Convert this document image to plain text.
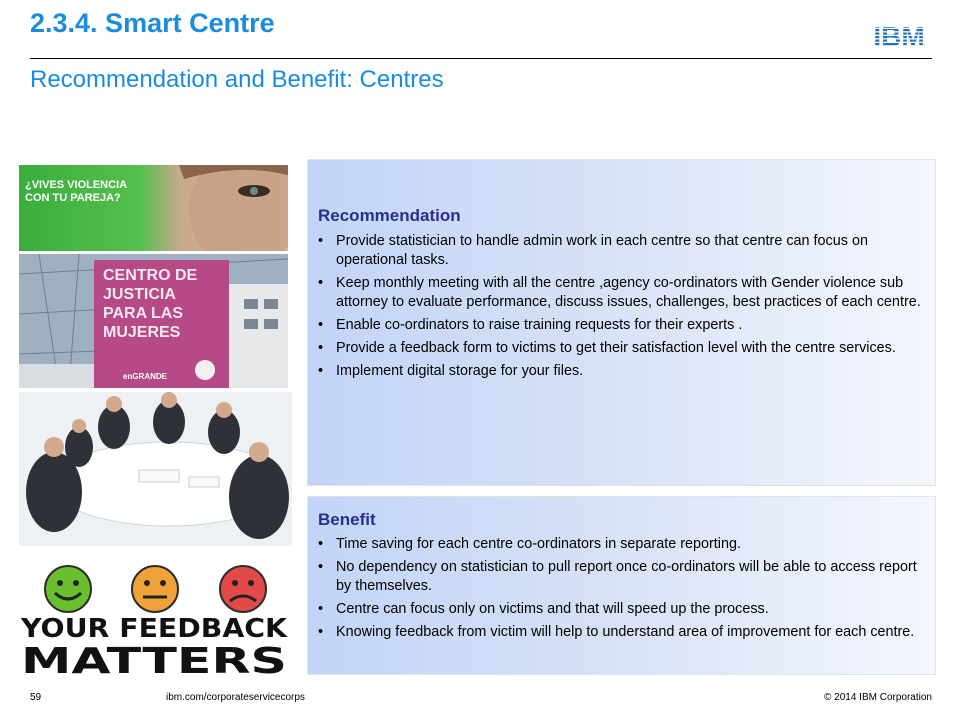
2.3.4. Smart Centre	IBM
Recommendation and Benefit: Centres
¿VIVES VIOLENCIA
CON TU PAREJA?
CENTRO DE
JUSTICIA
PARA LAS
MUJERES
enGRANDE
YOUR FEEDBACK
MATTERS
Recommendation
• Provide statistician to handle admin work in each centre so that centre can focus on operational tasks.
• Keep monthly meeting with all the centre ,agency co-ordinators with Gender violence sub attorney to evaluate performance, discuss issues, challenges, best practices of each centre.
• Enable co-ordinators to raise training requests for their experts .
• Provide a feedback form to victims to get their satisfaction level with the centre services.
• Implement digital storage for your files.
Benefit
• Time saving for each centre co-ordinators in separate reporting.
• No dependency on statistician to pull report once co-ordinators will be able to access report by themselves.
• Centre can focus only on victims and that will speed up the process.
• Knowing feedback from victim will help to understand area of improvement for each centre.
59	ibm.com/corporateservicecorps	© 2014 IBM Corporation
